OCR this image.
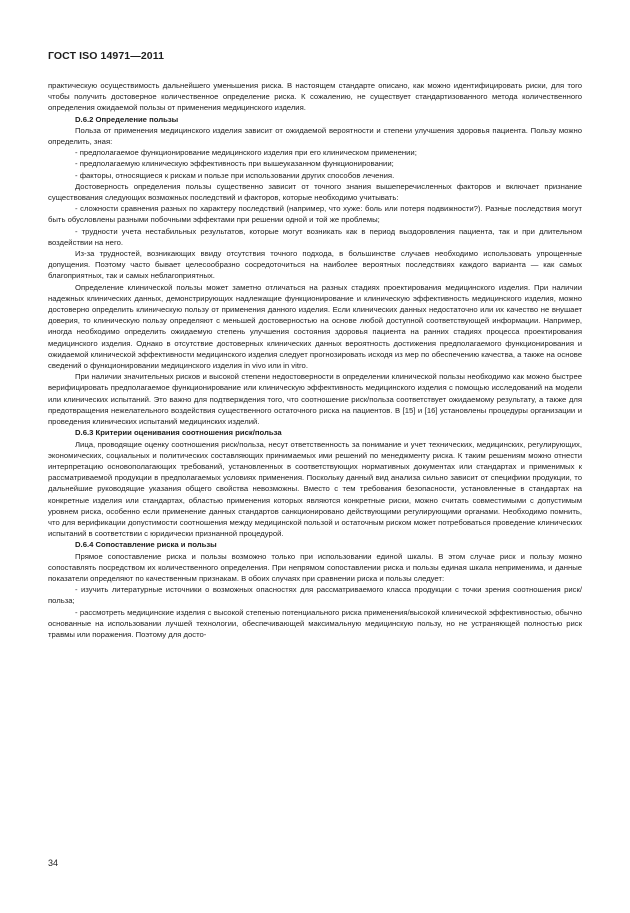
ГОСТ ISO 14971—2011

практическую осуществимость дальнейшего уменьшения риска. В настоящем стандарте описано, как можно идентифицировать риски, для того чтобы получить достоверное количественное определение риска. К сожалению, не существует стандартизованного метода количественного определения ожидаемой пользы от применения медицинского изделия.

D.6.2 Определение пользы

Польза от применения медицинского изделия зависит от ожидаемой вероятности и степени улучшения здоровья пациента. Пользу можно определить, зная:

- предполагаемое функционирование медицинского изделия при его клиническом применении;

- предполагаемую клиническую эффективность при вышеуказанном функционировании;

- факторы, относящиеся к рискам и пользе при использовании других способов лечения.

Достоверность определения пользы существенно зависит от точного знания вышеперечисленных факторов и включает признание существования следующих возможных последствий и факторов, которые необходимо учитывать:

- сложности сравнения разных по характеру последствий (например, что хуже: боль или потеря подвижности?). Разные последствия могут быть обусловлены разными побочными эффектами при решении одной и той же проблемы;

- трудности учета нестабильных результатов, которые могут возникать как в период выздоровления пациента, так и при длительном воздействии на него.

Из-за трудностей, возникающих ввиду отсутствия точного подхода, в большинстве случаев необходимо использовать упрощенные допущения. Поэтому часто бывает целесообразно сосредоточиться на наиболее вероятных последствиях каждого варианта — как самых благоприятных, так и самых неблагоприятных.

Определение клинической пользы может заметно отличаться на разных стадиях проектирования медицинского изделия. При наличии надежных клинических данных, демонстрирующих надлежащие функционирование и клиническую эффективность медицинского изделия, можно достоверно определить клиническую пользу от применения данного изделия. Если клинических данных недостаточно или их качество не внушает доверия, то клиническую пользу определяют с меньшей достоверностью на основе любой доступной соответствующей информации. Например, иногда необходимо определить ожидаемую степень улучшения состояния здоровья пациента на ранних стадиях процесса проектирования медицинского изделия. Однако в отсутствие достоверных клинических данных вероятность достижения предполагаемого функционирования и ожидаемой клинической эффективности медицинского изделия следует прогнозировать исходя из мер по обеспечению качества, а также на основе сведений о функционировании медицинского изделия in vivo или in vitro.

При наличии значительных рисков и высокой степени недостоверности в определении клинической пользы необходимо как можно быстрее верифицировать предполагаемое функционирование или клиническую эффективность медицинского изделия с помощью исследований на модели или клинических испытаний. Это важно для подтверждения того, что соотношение риск/польза соответствует ожидаемому результату, а также для предотвращения нежелательного воздействия существенного остаточного риска на пациентов. В [15] и [16] установлены процедуры организации и проведения клинических испытаний медицинских изделий.

D.6.3 Критерии оценивания соотношения риск/польза

Лица, проводящие оценку соотношения риск/польза, несут ответственность за понимание и учет технических, медицинских, регулирующих, экономических, социальных и политических составляющих принимаемых ими решений по менеджменту риска. К таким решениям можно отнести интерпретацию основополагающих требований, установленных в соответствующих нормативных документах или стандартах и применимых к рассматриваемой продукции в предполагаемых условиях применения. Поскольку данный вид анализа сильно зависит от специфики продукции, то дальнейшие руководящие указания общего свойства невозможны. Вместо с тем требования безопасности, установленные в стандартах на конкретные изделия или стандартах, областью применения которых являются конкретные риски, можно считать совместимыми с допустимым уровнем риска, особенно если применение данных стандартов санкционировано действующими регулирующими органами. Необходимо помнить, что для верификации допустимости соотношения между медицинской пользой и остаточным риском может потребоваться проведение клинических испытаний в соответствии с юридически признанной процедурой.

D.6.4 Сопоставление риска и пользы

Прямое сопоставление риска и пользы возможно только при использовании единой шкалы. В этом случае риск и пользу можно сопоставлять посредством их количественного определения. При непрямом сопоставлении риска и пользы единая шкала неприменима, и данные показатели определяют по качественным признакам. В обоих случаях при сравнении риска и пользы следует:

- изучить литературные источники о возможных опасностях для рассматриваемого класса продукции с точки зрения соотношения риск/польза;

- рассмотреть медицинские изделия с высокой степенью потенциального риска применения/высокой клинической эффективностью, обычно основанные на использовании лучшей технологии, обеспечивающей максимальную медицинскую пользу, но не устраняющей полностью риск травмы или поражения. Поэтому для досто-

34
